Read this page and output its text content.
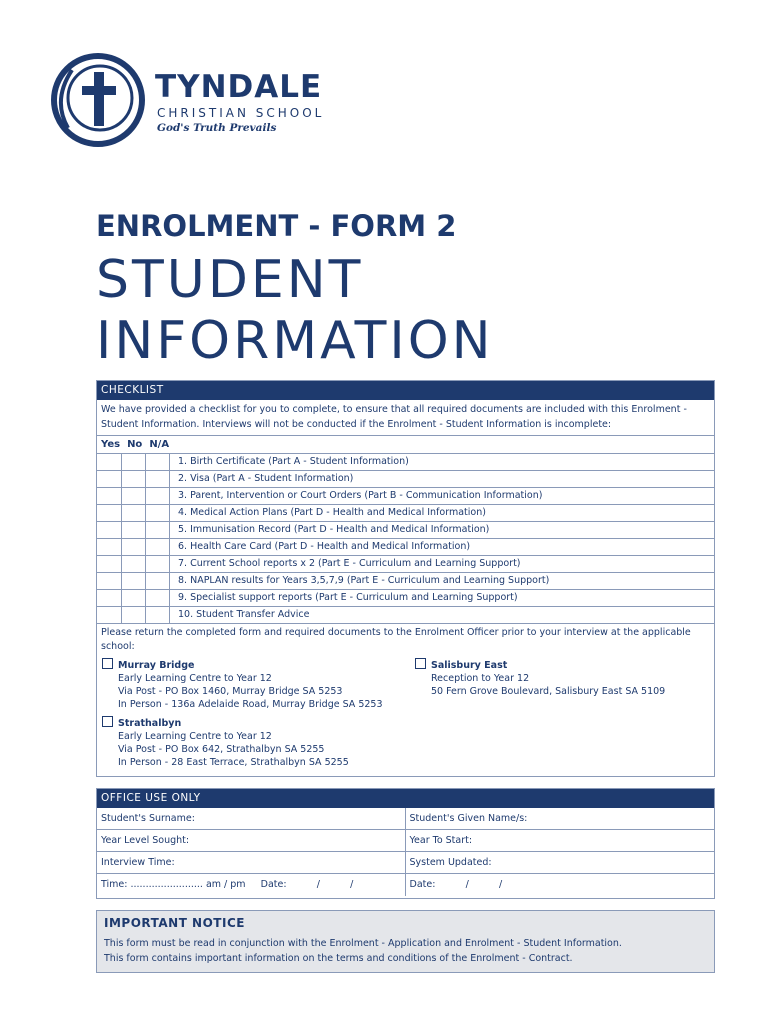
TYNDALE
CHRISTIAN SCHOOL
God's Truth Prevails
ENROLMENT - FORM 2
STUDENT
INFORMATION
CHECKLIST
We have provided a checklist for you to complete, to ensure that all required documents are included with this Enrolment - Student Information. Interviews will not be conducted if the Enrolment - Student Information is incomplete:
Yes No N/A
1. Birth Certificate (Part A - Student Information)
2. Visa (Part A - Student Information)
3. Parent, Intervention or Court Orders (Part B - Communication Information)
4. Medical Action Plans (Part D - Health and Medical Information)
5. Immunisation Record (Part D - Health and Medical Information)
6. Health Care Card (Part D - Health and Medical Information)
7. Current School reports x 2 (Part E - Curriculum and Learning Support)
8. NAPLAN results for Years 3,5,7,9 (Part E - Curriculum and Learning Support)
9. Specialist support reports (Part E - Curriculum and Learning Support)
10. Student Transfer Advice
Please return the completed form and required documents to the Enrolment Officer prior to your interview at the applicable school:
Murray Bridge
Early Learning Centre to Year 12
Via Post - PO Box 1460, Murray Bridge SA 5253
In Person - 136a Adelaide Road, Murray Bridge SA 5253
Salisbury East
Reception to Year 12
50 Fern Grove Boulevard, Salisbury East SA 5109
Strathalbyn
Early Learning Centre to Year 12
Via Post - PO Box 642, Strathalbyn SA 5255
In Person - 28 East Terrace, Strathalbyn SA 5255
OFFICE USE ONLY
Student's Surname:	Student's Given Name/s:
Year Level Sought:	Year To Start:
Interview Time:	System Updated:
Time: ........................ am / pm     Date:          /          /	Date:          /          /
IMPORTANT NOTICE
This form must be read in conjunction with the Enrolment - Application and Enrolment - Student Information.
This form contains important information on the terms and conditions of the Enrolment - Contract.
